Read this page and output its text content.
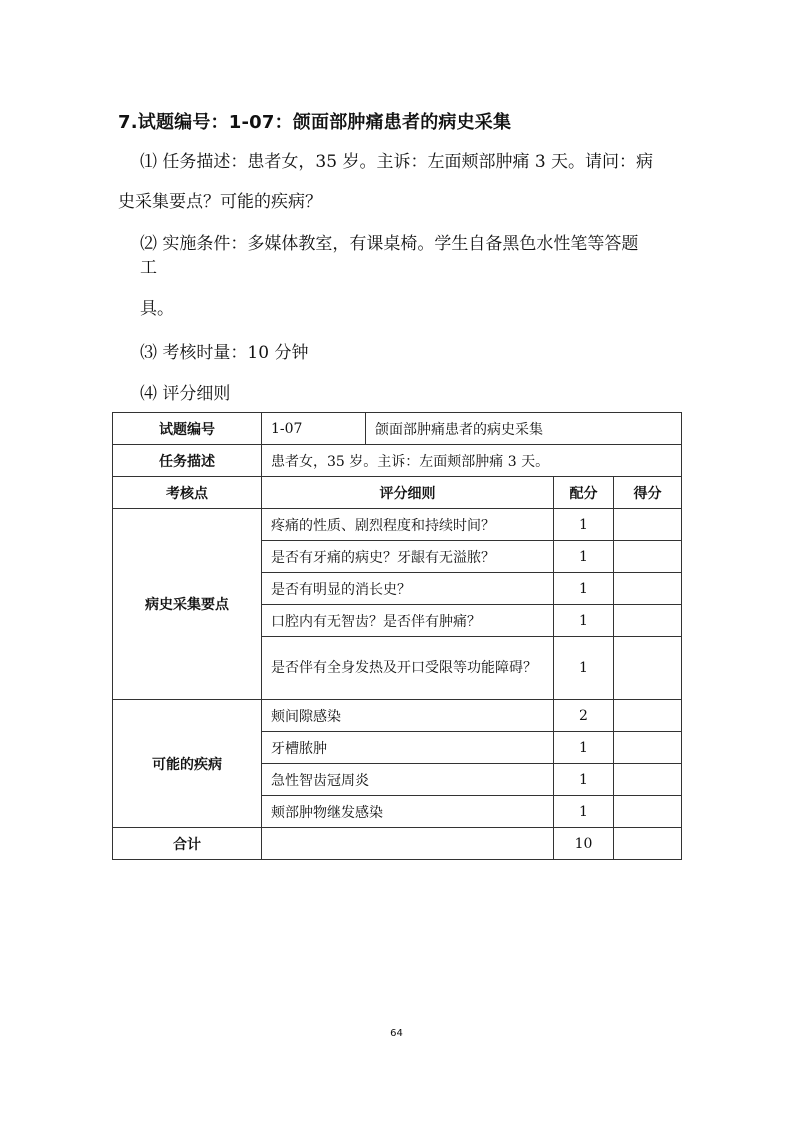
7.试题编号：1-07：颌面部肿痛患者的病史采集
⑴ 任务描述：患者女，35 岁。主诉：左面颊部肿痛 3 天。请问：病
史采集要点？可能的疾病？
⑵ 实施条件：多媒体教室，有课桌椅。学生自备黑色水性笔等答题
工
具。
⑶ 考核时量：10 分钟
⑷ 评分细则
试题编号	1-07	颌面部肿痛患者的病史采集		
任务描述	患者女，35 岁。主诉：左面颊部肿痛 3 天。			
考核点	评分细则		配分	得分
病史采集要点	疼痛的性质、剧烈程度和持续时间？		1	
	是否有牙痛的病史？牙龈有无溢脓？		1	
	是否有明显的消长史？		1	
	口腔内有无智齿？是否伴有肿痛？		1	
	是否伴有全身发热及开口受限等功能障碍？		1	
可能的疾病	颊间隙感染		2	
	牙槽脓肿		1	
	急性智齿冠周炎		1	
	颊部肿物继发感染		1	
合计			10	
64
